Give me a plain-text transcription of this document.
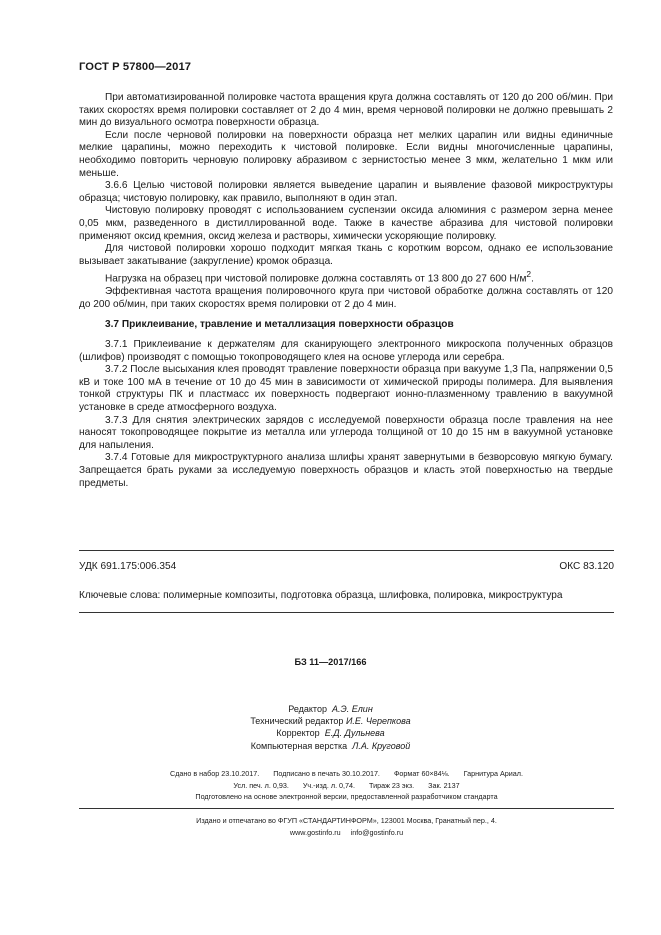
ГОСТ Р 57800—2017

При автоматизированной полировке частота вращения круга должна составлять от 120 до 200 об/мин. При таких скоростях время полировки составляет от 2 до 4 мин, время черновой полировки не должно превышать 2 мин до визуального осмотра поверхности образца.

Если после черновой полировки на поверхности образца нет мелких царапин или видны единичные мелкие царапины, можно переходить к чистовой полировке. Если видны многочисленные царапины, необходимо повторить черновую полировку абразивом с зернистостью менее 3 мкм, желательно 1 мкм или меньше.

3.6.6 Целью чистовой полировки является выведение царапин и выявление фазовой микроструктуры образца; чистовую полировку, как правило, выполняют в один этап.

Чистовую полировку проводят с использованием суспензии оксида алюминия с размером зерна менее 0,05 мкм, разведенного в дистиллированной воде. Также в качестве абразива для чистовой полировки применяют оксид кремния, оксид железа и растворы, химически ускоряющие полировку.

Для чистовой полировки хорошо подходит мягкая ткань с коротким ворсом, однако ее использование вызывает закатывание (закругление) кромок образца.

Нагрузка на образец при чистовой полировке должна составлять от 13 800 до 27 600 $Н/м^2$.

Эффективная частота вращения полировочного круга при чистовой обработке должна составлять от 120 до 200 об/мин, при таких скоростях время полировки от 2 до 4 мин.

3.7 Приклеивание, травление и металлизация поверхности образцов

3.7.1 Приклеивание к держателям для сканирующего электронного микроскопа полученных образцов (шлифов) производят с помощью токопроводящего клея на основе углерода или серебра.

3.7.2 После высыхания клея проводят травление поверхности образца при вакууме 1,3 Па, напряжении 0,5 кВ и токе 100 мА в течение от 10 до 45 мин в зависимости от химической природы полимера. Для выявления тонкой структуры ПК и пластмасс их поверхность подвергают ионно-плазменному травлению в вакуумной установке в среде атмосферного воздуха.

3.7.3 Для снятия электрических зарядов с исследуемой поверхности образца после травления на нее наносят токопроводящее покрытие из металла или углерода толщиной от 10 до 15 нм в вакуумной установке для напыления.

3.7.4 Готовые для микроструктурного анализа шлифы хранят завернутыми в безворсовую мягкую бумагу. Запрещается брать руками за исследуемую поверхность образцов и класть этой поверхностью на твердые предметы.

УДК 691.175:006.354	ОКС 83.120
Ключевые слова: полимерные композиты, подготовка образца, шлифовка, полировка, микроструктура
БЗ 11—2017/166
Редактор А.Э. Елин
Технический редактор И.Е. Черепкова
Корректор Е.Д. Дульнева
Компьютерная верстка Л.А. Круговой
Сдано в набор 23.10.2017. Подписано в печать 30.10.2017. Формат 60×84⅛. Гарнитура Ариал.
Усл. печ. л. 0,93. Уч.-изд. л. 0,74. Тираж 23 экз. Зак. 2137
Подготовлено на основе электронной версии, предоставленной разработчиком стандарта
Издано и отпечатано во ФГУП «СТАНДАРТИНФОРМ», 123001 Москва, Гранатный пер., 4.
www.gostinfo.ru info@gostinfo.ru
